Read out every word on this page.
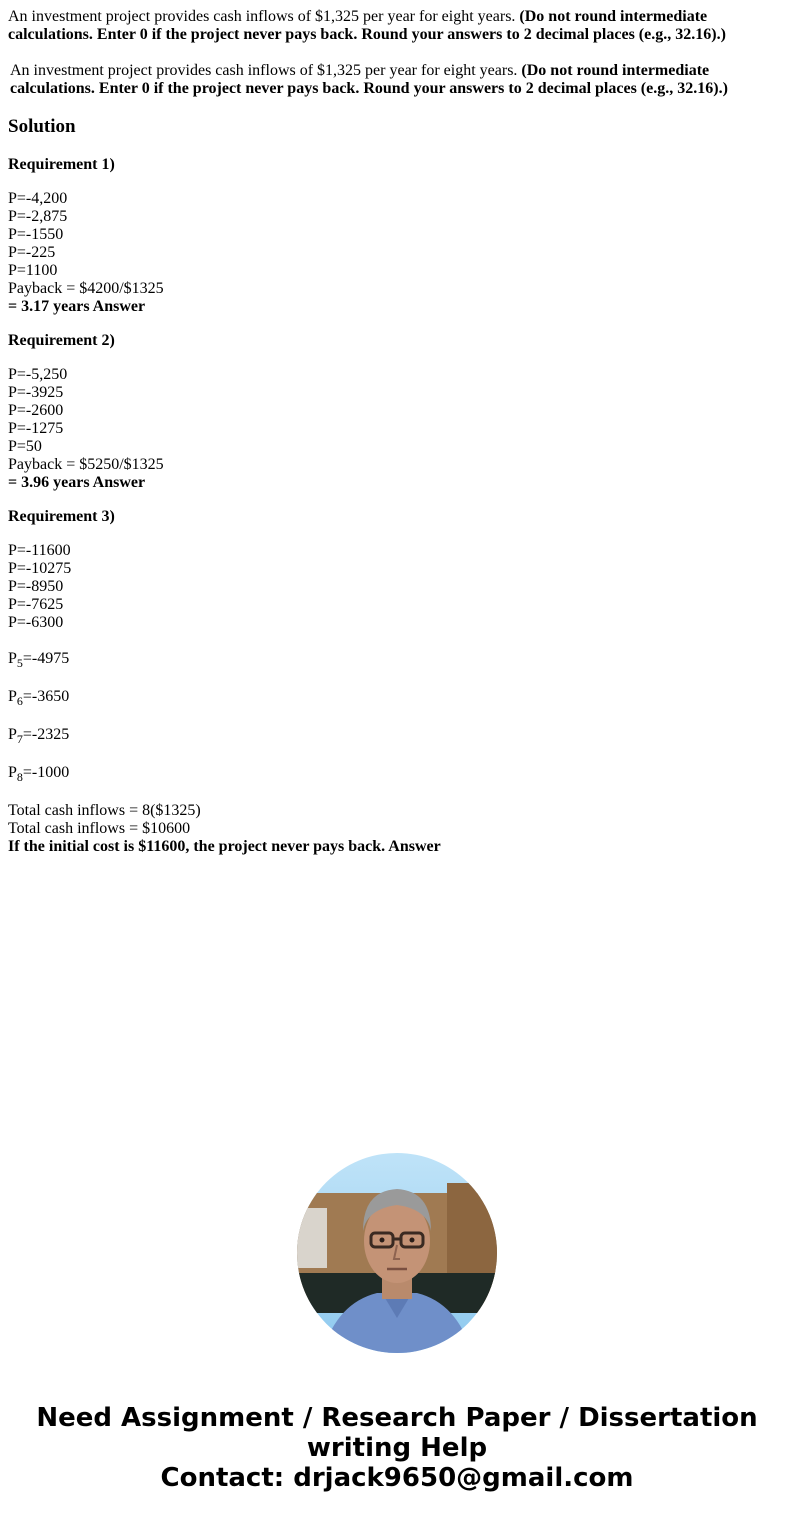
An investment project provides cash inflows of $1,325 per year for eight years. (Do not round intermediate calculations. Enter 0 if the project never pays back. Round your answers to 2 decimal places (e.g., 32.16).)

An investment project provides cash inflows of $1,325 per year for eight years. (Do not round intermediate calculations. Enter 0 if the project never pays back. Round your answers to 2 decimal places (e.g., 32.16).)

Solution

Requirement 1)

P=-4,200
P=-2,875
P=-1550
P=-225
P=1100
Payback = $4200/$1325
= 3.17 years Answer

Requirement 2)

P=-5,250
P=-3925
P=-2600
P=-1275
P=50
Payback = $5250/$1325
= 3.96 years Answer

Requirement 3)

P=-11600
P=-10275
P=-8950
P=-7625
P=-6300
$P_5=-4975$
$P_6=-3650$
$P_7=-2325$
$P_8=-1000$
Total cash inflows = 8($1325)
Total cash inflows = $10600
If the initial cost is $11600, the project never pays back. Answer
Need Assignment / Research Paper / Dissertation
writing Help
Contact: drjack9650@gmail.com
